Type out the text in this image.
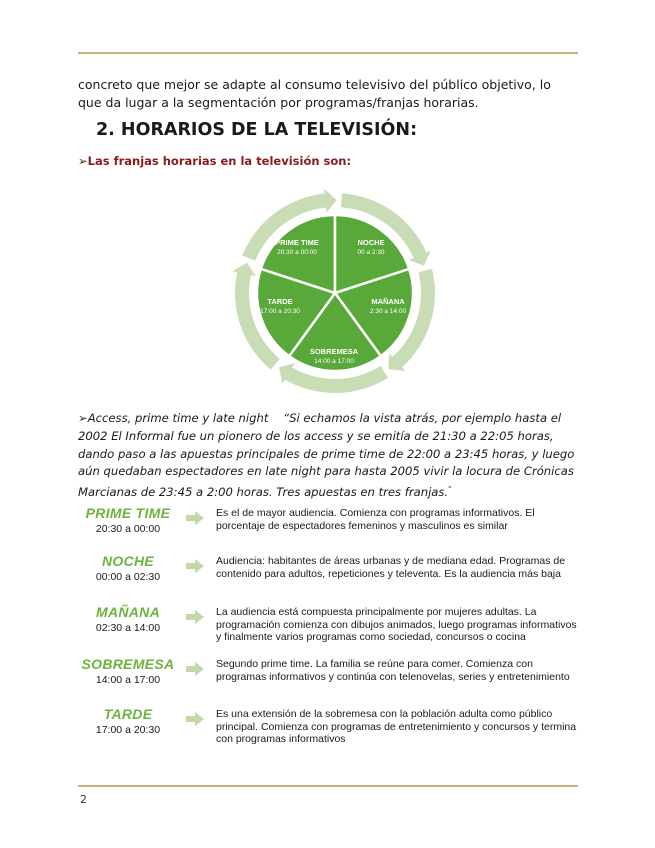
concreto que mejor se adapte al consumo televisivo del público objetivo, lo que da lugar a la segmentación por programas/franjas horarias.

2. HORARIOS DE LA TELEVISIÓN:
➢Las franjas horarias en la televisión son:
PRIME TIME
20:30 a 00:00
NOCHE
00 a 2:30
MAÑANA
2:30 a 14:00
SOBREMESA
14:00 a 17:00
TARDE
17:00 a 20:30
➢Access, prime time y late night “Si echamos la vista atrás, por ejemplo hasta el 2002 El Informal fue un pionero de los access y se emitía de 21:30 a 22:05 horas, dando paso a las apuestas principales de prime time de 22:00 a 23:45 horas, y luego aún quedaban espectadores en late night para hasta 2005 vivir la locura de Crónicas Marcianas de 23:45 a 2:00 horas. Tres apuestas en tres franjas."
PRIME TIME
20:30 a 00:00
Es el de mayor audiencia. Comienza con programas informativos. El porcentaje de espectadores femeninos y masculinos es similar
NOCHE
00:00 a 02:30
Audiencia: habitantes de áreas urbanas y de mediana edad. Programas de contenido para adultos, repeticiones y televenta. Es la audiencia más baja
MAÑANA
02:30 a 14:00
La audiencia está compuesta principalmente por mujeres adultas. La programación comienza con dibujos animados, luego programas informativos y finalmente varios programas como sociedad, concursos o cocina
SOBREMESA
14:00 a 17:00
Segundo prime time. La familia se reúne para comer. Comienza con programas informativos y continúa con telenovelas, series y entretenimiento
TARDE
17:00 a 20:30
Es una extensión de la sobremesa con la población adulta como público principal. Comienza con programas de entretenimiento y concursos y termina con programas informativos
2
